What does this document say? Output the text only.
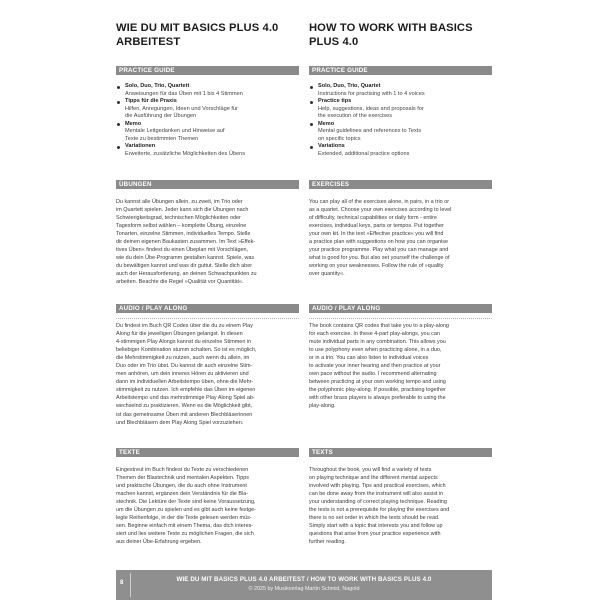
WIE DU MIT BASICS PLUS 4.0
ARBEITEST
PRACTICE GUIDE
Solo, Duo, Trio, Quartett
Anweisungen für das Üben mit 1 bis 4 Stimmen
Tipps für die Praxis
Hilfen, Anregungen, Ideen und Vorschläge für
die Ausführung der Übungen
Memo
Mentale Leitgedanken und Hinweise auf
Texte zu bestimmten Themen
Variationen
Erweiterte, zusätzliche Möglichkeiten des Übens
ÜBUNGEN
Du kannst alle Übungen allein, zu zweit, im Trio oder
im Quartett spielen. Jeder kann sich die Übungen nach
Schwierigkeitsgrad, technischen Möglichkeiten oder
Tagesform selbst wählen – komplette Übung, einzelne
Tonarten, einzelne Stimmen, individuelles Tempo. Stelle
dir deinen eigenen Baukasten zusammen. Im Text »Effek-
tives Üben« findest du einen Übeplan mit Vorschlägen,
wie du dein Übe-Programm gestalten kannst. Spiele, was
du bewältigen kannst und was dir guttut. Stelle dich aber
auch der Herausforderung, an deinen Schwachpunkten zu
arbeiten. Beachte die Regel »Qualität vor Quantität«.
AUDIO / PLAY ALONG
Du findest im Buch QR Codes über die du zu einem Play
Along für die jeweiligen Übungen gelangst. In diesen
4-stimmigen Play Alongs kannst du einzelne Stimmen in
beliebiger Kombination stumm schalten. So ist es möglich,
die Mehrstimmigkeit zu nutzen, auch wenn du allein, im
Duo oder im Trio übst. Du kannst dir auch einzelne Stim-
men anhören, um dein inneres Hören zu aktivieren und
dann im individuellen Arbeitstempo üben, ohne die Mehr-
stimmigkeit zu nutzen. Ich empfehle das Üben im eigenen
Arbeitstempo und das mehrstimmige Play Along Spiel ab-
wechselnd zu praktizieren. Wenn es die Möglichkeit gibt,
ist das gemeinsame Üben mit anderen Blechbläserinnen
und Blechbläsern dem Play Along Spiel vorzuziehen.
TEXTE
Eingestreut im Buch findest du Texte zu verschiedenen
Themen der Blastechnik und mentalen Aspekten. Tipps
und praktische Übungen, die du auch ohne Instrument
machen kannst, ergänzen dein Verständnis für die Bla-
stechnik. Die Lektüre der Texte sind keine Voraussetzung,
um die Übungen zu spielen und es gibt auch keine festge-
legte Reihenfolge, in der die Texte gelesen werden müs-
sen. Beginne einfach mit einem Thema, das dich interes-
siert und lies weitere Texte zu möglichen Fragen, die sich
aus deiner Übe-Erfahrung ergeben.
HOW TO WORK WITH BASICS
PLUS 4.0
PRACTICE GUIDE
Solo, Duo, Trio, Quartet
Instructions for practising with 1 to 4 voices
Practice tips
Help, suggestions, ideas and proposals for
the execution of the exercises
Memo
Mental guidelines and references to Texts
on specific topics
Variations
Extended, additional practice options
EXERCISES
You can play all of the exercises alone, in pairs, in a trio or
as a quartet. Choose your own exercises according to level
of difficulty, technical capabilities or daily form - entire
exercises, individual keys, parts or tempos. Put together
your own kit. In the text »Effective practice« you will find
a practice plan with suggestions on how you can organise
your practice programme. Play what you can manage and
what is good for you. But also set yourself the challenge of
working on your weaknesses. Follow the rule of »quality
over quantity«.
AUDIO / PLAY ALONG
The book contains QR codes that take you to a play-along
for each exercise. In these 4-part play-alongs, you can
mute individual parts in any combination. This allows you
to use polyphony even when practicing alone, in a duo,
or in a trio. You can also listen to individual voices
to activate your inner hearing and then practice at your
own pace without the audio. I recommend alternating
between practicing at your own working tempo and using
the polyphonic play-along. If possible, practising together
with other brass players is always preferable to using the
play-along.
TEXTS
Throughout the book, you will find a variety of texts
on playing technique and the different mental aspects
involved with playing. Tips and practical exercises, which
can be done away from the instrument will also assist in
your understanding of correct playing technique. Reading
the texts is not a prerequisite for playing the exercises and
there is no set order in which the texts should be read.
Simply start with a topic that interests you and follow up
questions that arise from your practice experience with
further reading.
8	WIE DU MIT BASICS PLUS 4.0 ARBEITEST / HOW TO WORK WITH BASICS PLUS 4.0
© 2025 by Musikverlag Martin Schmid, Nagold
